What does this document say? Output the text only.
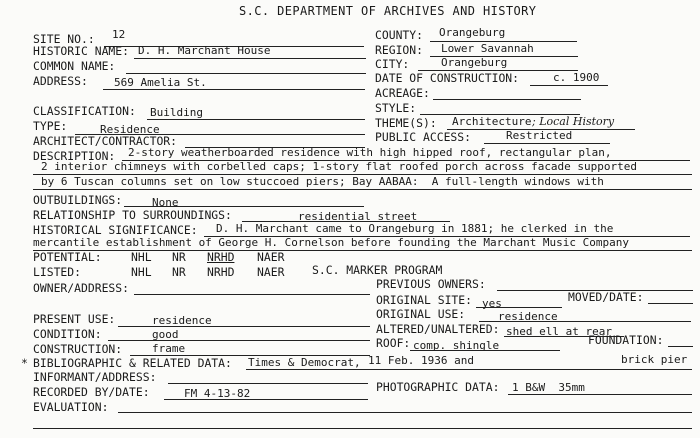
S.C. DEPARTMENT OF ARCHIVES AND HISTORY
SITE NO.: 12	COUNTY: Orangeburg
HISTORIC NAME: D. H. Marchant House	REGION: Lower Savannah
COMMON NAME:	CITY:	Orangeburg
ADDRESS: 569 Amelia St.	DATE OF CONSTRUCTION:	c. 1900
ACREAGE:
CLASSIFICATION: Building	STYLE:
TYPE:	Residence	THEME(S): Architecture ; Local History
ARCHITECT/CONTRACTOR:	PUBLIC ACCESS:	Restricted
DESCRIPTION: 2-story weatherboarded residence with high hipped roof, rectangular plan,
2 interior chimneys with corbelled caps; 1-story flat roofed porch across facade supported
by 6 Tuscan columns set on low stuccoed piers; Bay AABAA:  A full-length windows with
OUTBUILDINGS:	None
RELATIONSHIP TO SURROUNDINGS:	residential street
HISTORICAL SIGNIFICANCE: D. H. Marchant came to Orangeburg in 1881; he clerked in the
mercantile establishment of George H. Cornelson before founding the Marchant Music Company
POTENTIAL:	NHL NR NRHD NAER
LISTED:	NHL NR NRHD NAER S.C. MARKER PROGRAM
OWNER/ADDRESS:	PREVIOUS OWNERS:
ORIGINAL SITE: yes	MOVED/DATE:
PRESENT USE:	residence	ORIGINAL USE:	residence
CONDITION:	good	ALTERED/UNALTERED: shed ell at rear
CONSTRUCTION:	frame	ROOF: comp. shingle	FOUNDATION:
* BIBLIOGRAPHIC & RELATED DATA: Times & Democrat, 11 Feb. 1936 and	brick pier
INFORMANT/ADDRESS:
RECORDED BY/DATE:	FM 4-13-82	PHOTOGRAPHIC DATA: 1 B&W  35mm
EVALUATION:
